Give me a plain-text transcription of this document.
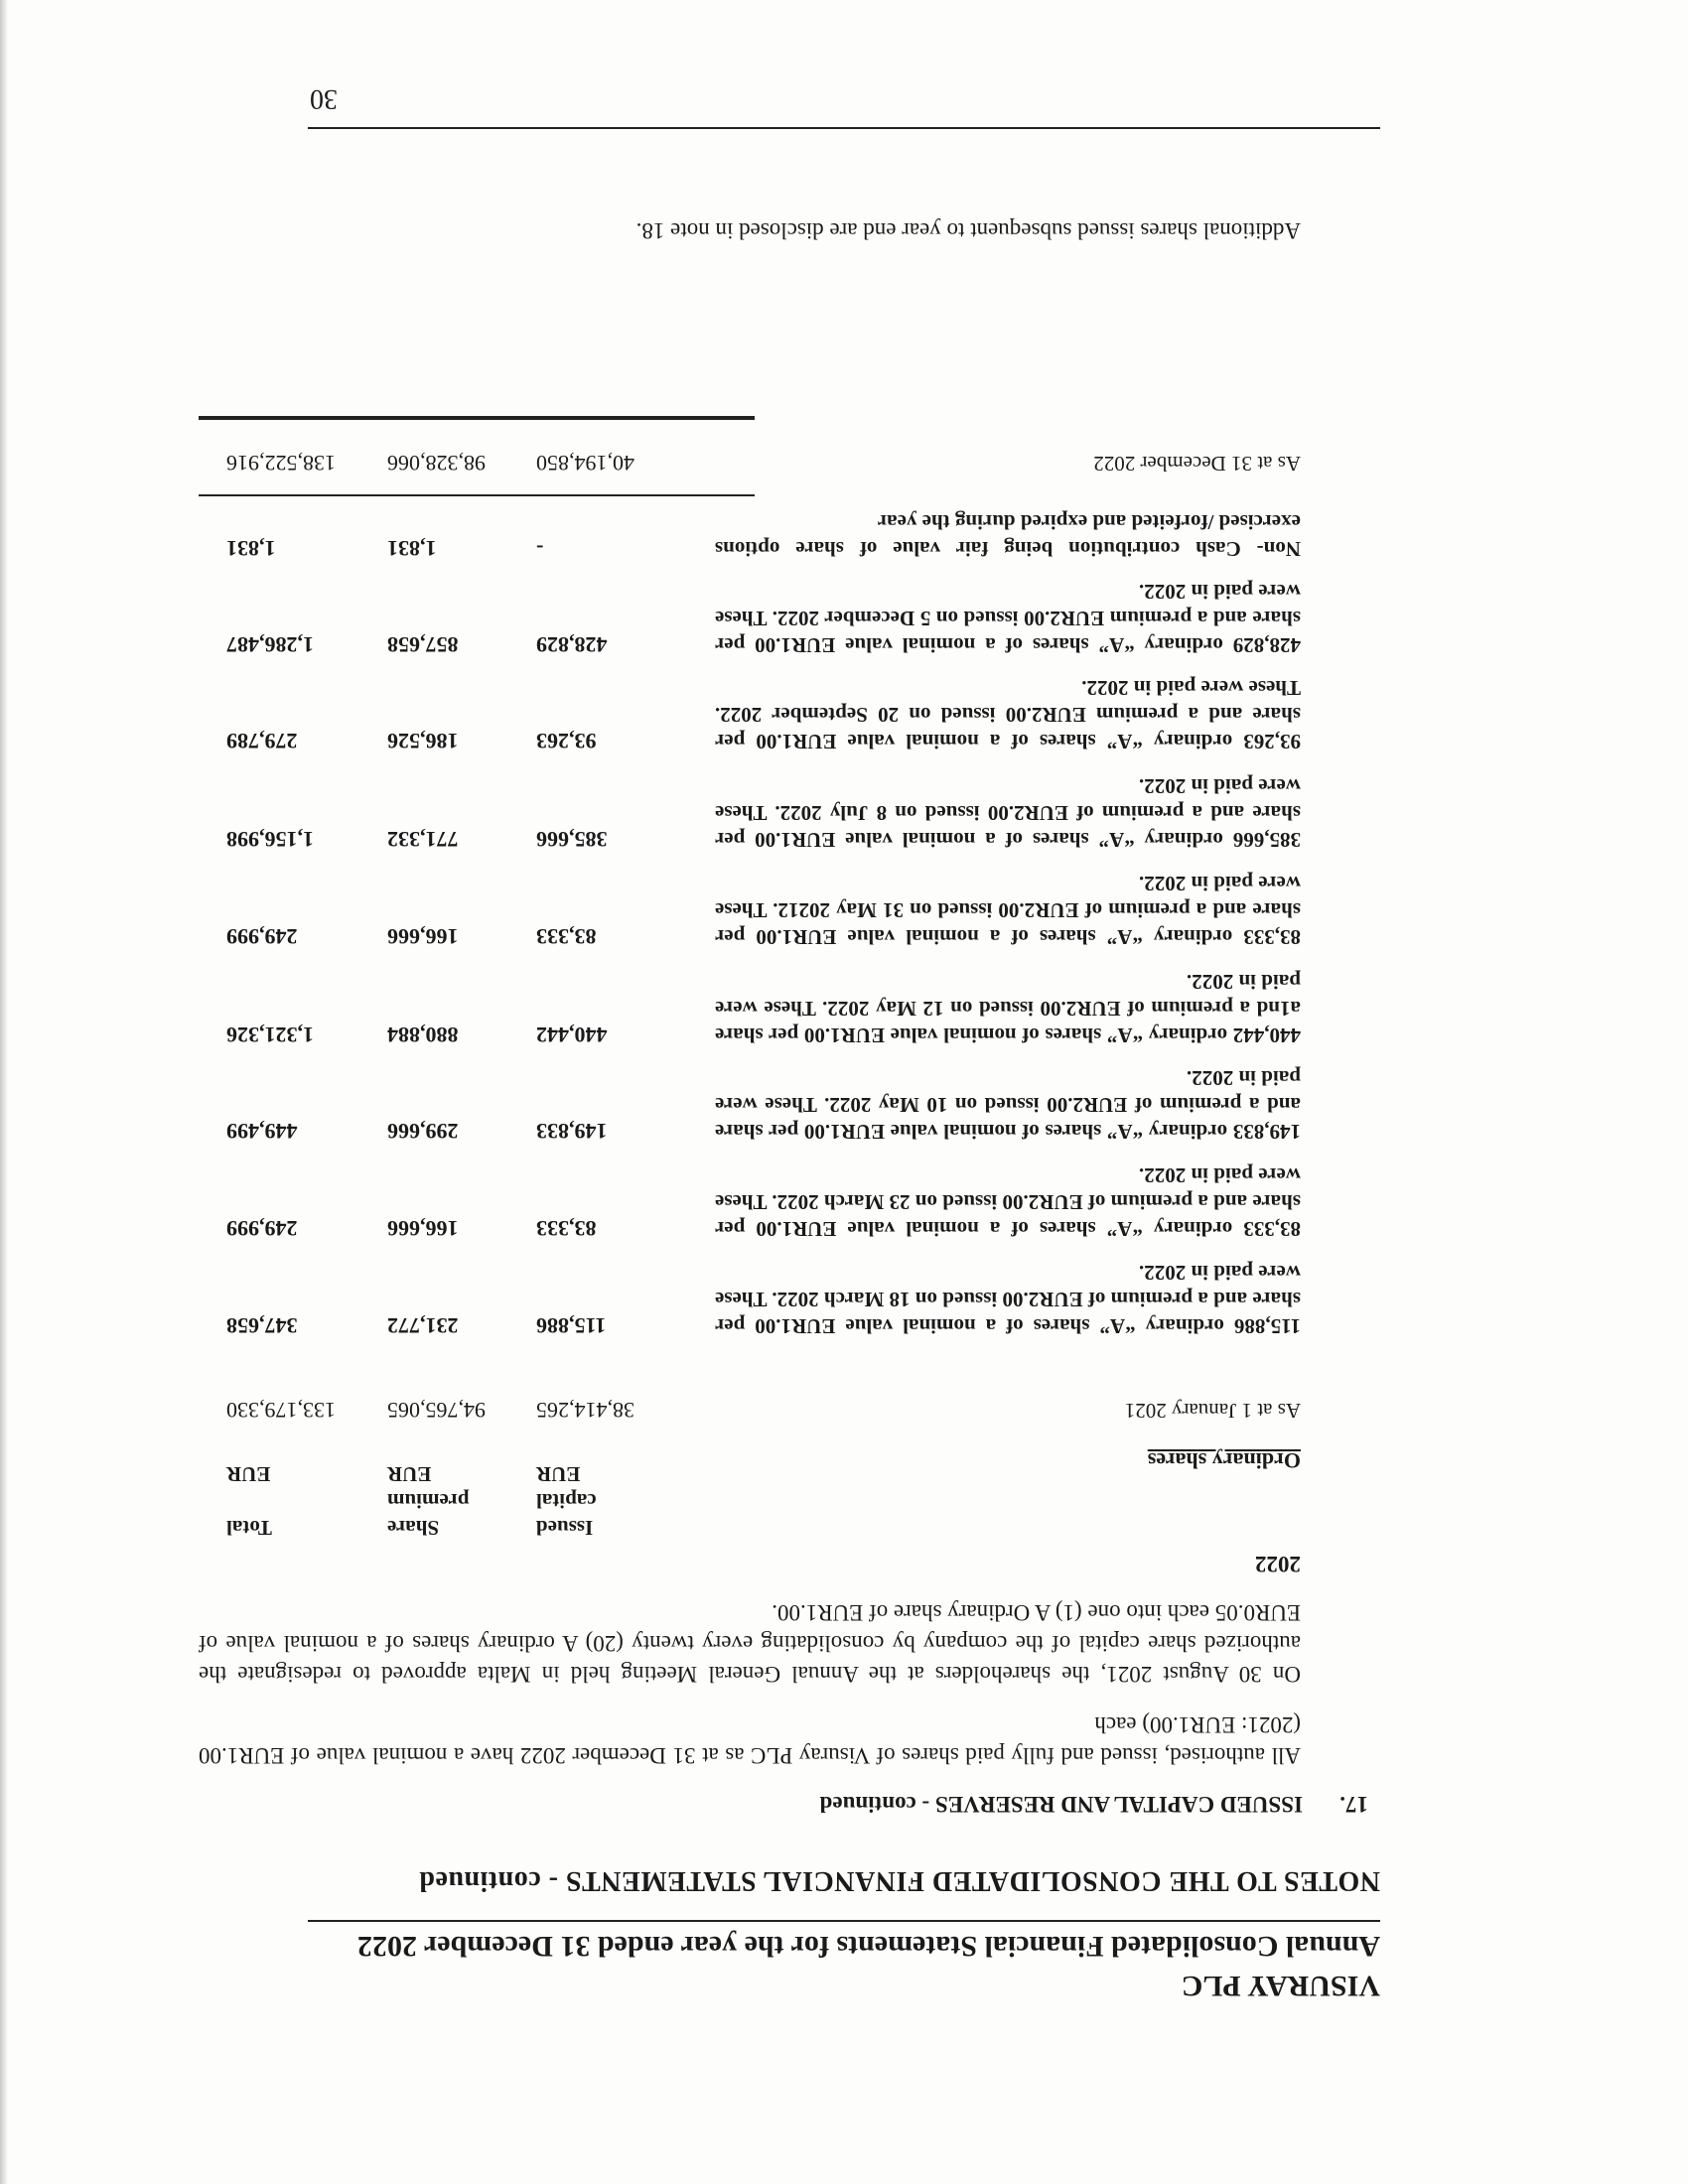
VISURAY PLC
Annual Consolidated Financial Statements for the year ended 31 December 2022
NOTES TO THE CONSOLIDATED FINANCIAL STATEMENTS - continued
17.ISSUED CAPITAL AND RESERVES - continued
All authorised, issued and fully paid shares of Visuray PLC as at 31 December 2022 have a nominal value of EUR1.00 (2021: EUR1.00) each
On 30 August 2021, the shareholders at the Annual General Meeting held in Malta approved to redesignate the authorized share capital of the company by consolidating every twenty (20) A ordinary shares of a nominal value of EUR0.05 each into one (1) A Ordinary share of EUR1.00.
2022
Issued
capital
EUR
Share
premium
EUR
Total

EUR
Ordinary shares
As at 1 January 2021
38,414,265
94,765,065
133,179,330
115,886 ordinary “A” shares of a nominal value EUR1.00 per share and a premium of EUR2.00 issued on 18 March 2022. These were paid in 2022.
115,886
231,772
347,658
83,333 ordinary “A” shares of a nominal value EUR1.00 per share and a premium of EUR2.00 issued on 23 March 2022. These were paid in 2022.
83,333
166,666
249,999
149,833 ordinary “A” shares of nominal value EUR1.00 per share and a premium of EUR2.00 issued on 10 May 2022. These were paid in 2022.
149,833
299,666
449,499
440,442 ordinary “A” shares of nominal value EUR1.00 per share a1nd a premium of EUR2.00 issued on 12 May 2022. These were paid in 2022.
440,442
880,884
1,321,326
83,333 ordinary “A” shares of a nominal value EUR1.00 per share and a premium of EUR2.00 issued on 31 May 20212. These were paid in 2022.
83,333
166,666
249,999
385,666 ordinary “A” shares of a nominal value EUR1.00 per share and a premium of EUR2.00 issued on 8 July 2022. These were paid in 2022.
385,666
771,332
1,156,998
93,263 ordinary “A” shares of a nominal value EUR1.00 per share and a premium EUR2.00 issued on 20 September 2022. These were paid in 2022.
93,263
186,526
279,789
428,829 ordinary “A” shares of a nominal value EUR1.00 per share and a premium EUR2.00 issued on 5 December 2022. These were paid in 2022.
428,829
857,658
1,286,487
Non- Cash contribution being fair value of share options exercised /forfeited and expired during the year
-
1,831
1,831
As at 31 December 2022
40,194,850
98,328,066
138,522,916
Additional shares issued subsequent to year end are disclosed in note 18.
30
